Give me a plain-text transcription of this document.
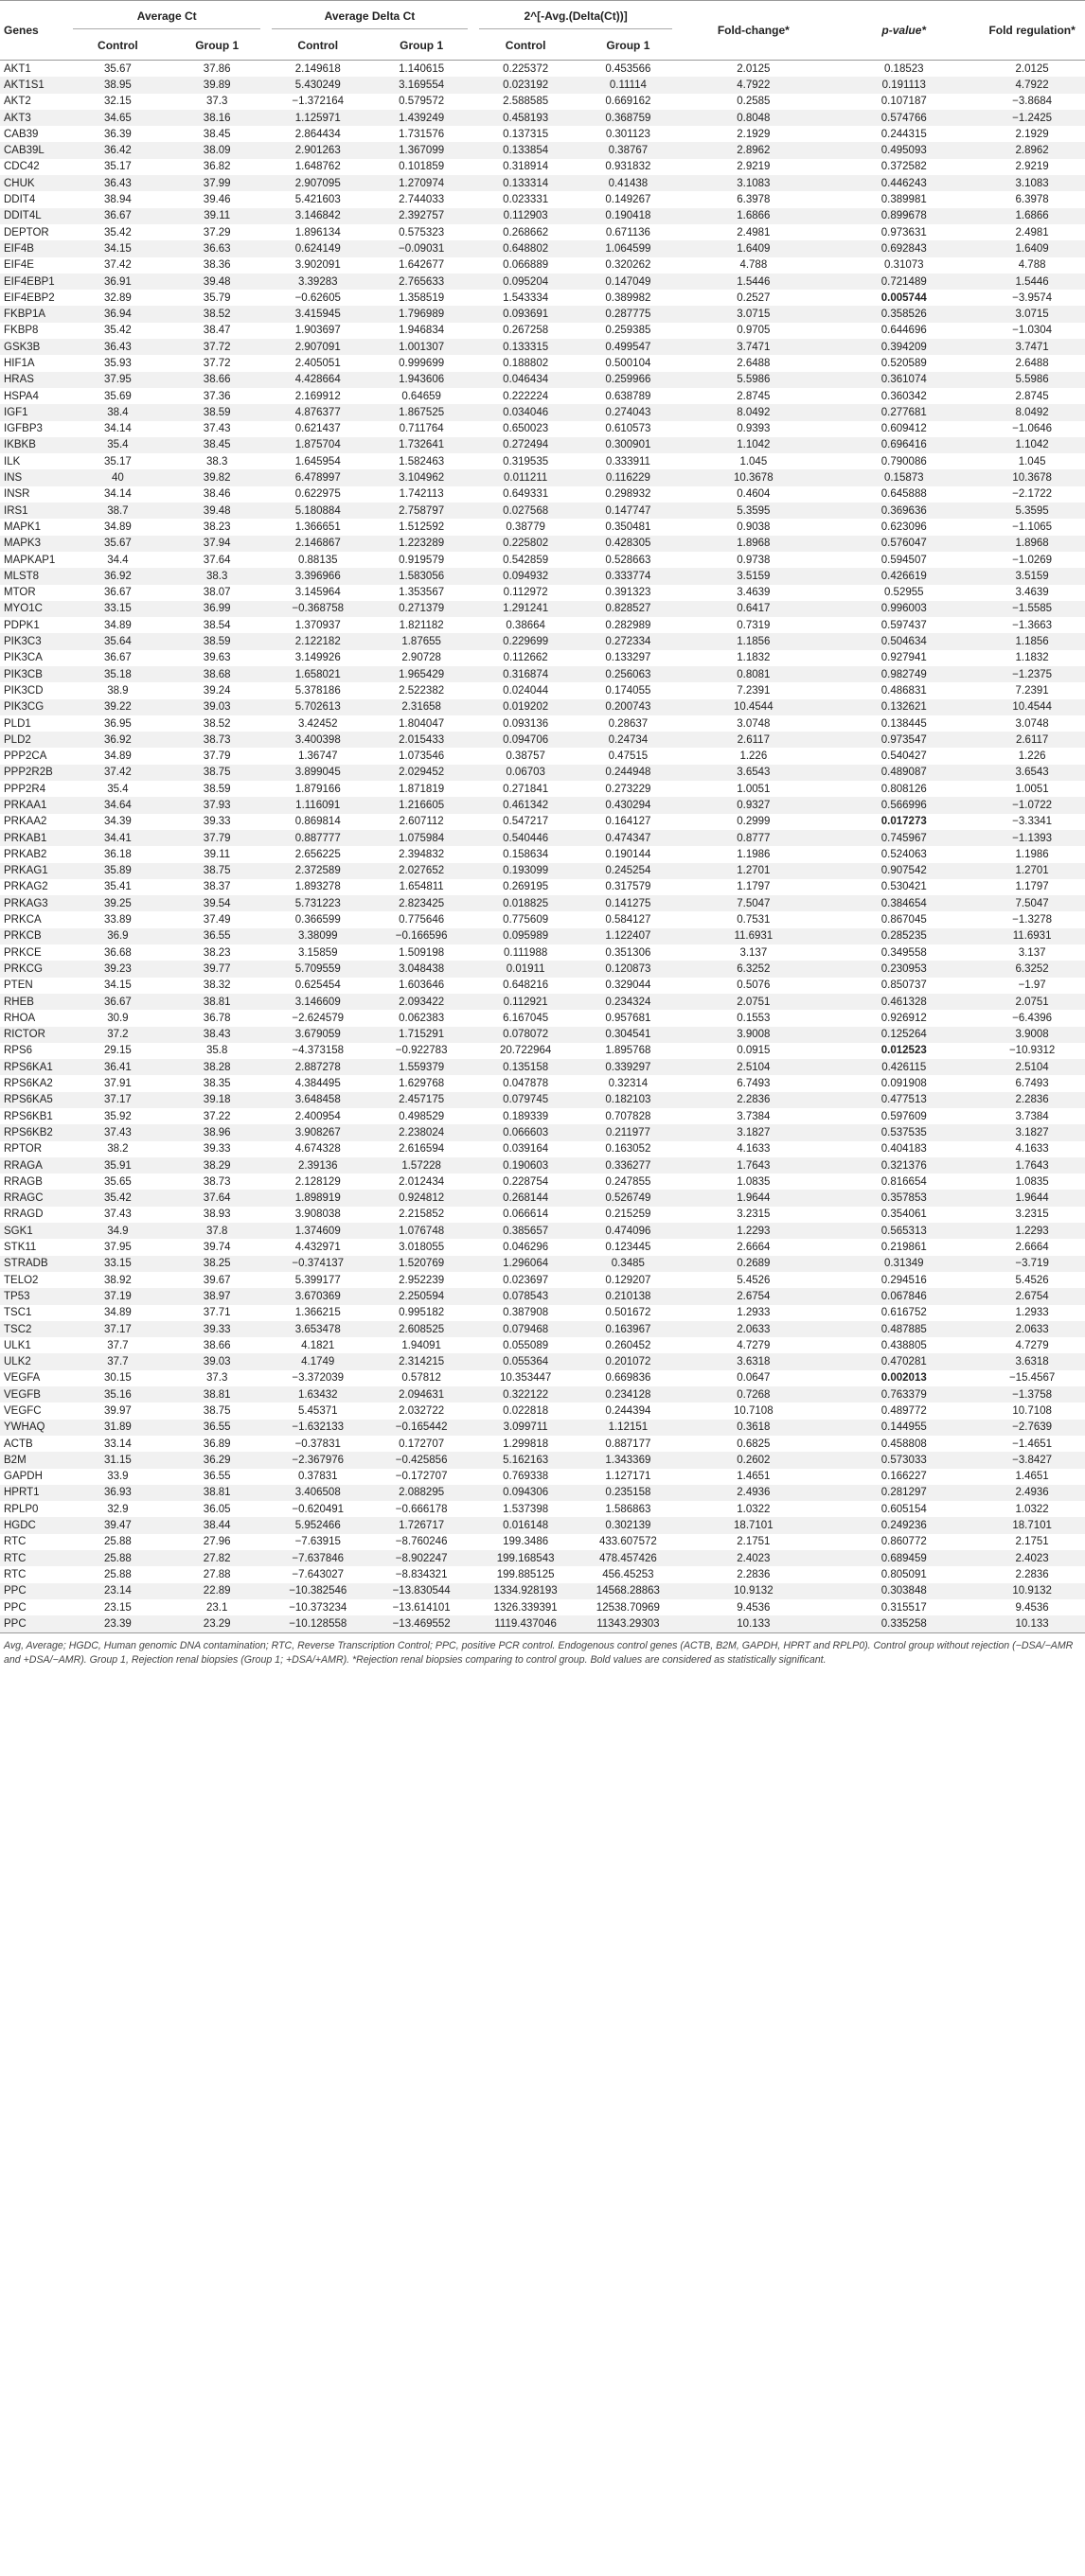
Genes	Average Ct		Average Delta Ct		2^[-Avg.(Delta(Ct))]		Fold-change*	p-value*	Fold regulation*
	Control	Group 1	Control	Group 1	Control	Group 1			
AKT1	35.67	37.86	2.149618	1.140615	0.225372	0.453566	2.0125	0.18523	2.0125
AKT1S1	38.95	39.89	5.430249	3.169554	0.023192	0.11114	4.7922	0.191113	4.7922
AKT2	32.15	37.3	−1.372164	0.579572	2.588585	0.669162	0.2585	0.107187	−3.8684
AKT3	34.65	38.16	1.125971	1.439249	0.458193	0.368759	0.8048	0.574766	−1.2425
CAB39	36.39	38.45	2.864434	1.731576	0.137315	0.301123	2.1929	0.244315	2.1929
CAB39L	36.42	38.09	2.901263	1.367099	0.133854	0.38767	2.8962	0.495093	2.8962
CDC42	35.17	36.82	1.648762	0.101859	0.318914	0.931832	2.9219	0.372582	2.9219
CHUK	36.43	37.99	2.907095	1.270974	0.133314	0.41438	3.1083	0.446243	3.1083
DDIT4	38.94	39.46	5.421603	2.744033	0.023331	0.149267	6.3978	0.389981	6.3978
DDIT4L	36.67	39.11	3.146842	2.392757	0.112903	0.190418	1.6866	0.899678	1.6866
DEPTOR	35.42	37.29	1.896134	0.575323	0.268662	0.671136	2.4981	0.973631	2.4981
EIF4B	34.15	36.63	0.624149	−0.09031	0.648802	1.064599	1.6409	0.692843	1.6409
EIF4E	37.42	38.36	3.902091	1.642677	0.066889	0.320262	4.788	0.31073	4.788
EIF4EBP1	36.91	39.48	3.39283	2.765633	0.095204	0.147049	1.5446	0.721489	1.5446
EIF4EBP2	32.89	35.79	−0.62605	1.358519	1.543334	0.389982	0.2527	0.005744	−3.9574
FKBP1A	36.94	38.52	3.415945	1.796989	0.093691	0.287775	3.0715	0.358526	3.0715
FKBP8	35.42	38.47	1.903697	1.946834	0.267258	0.259385	0.9705	0.644696	−1.0304
GSK3B	36.43	37.72	2.907091	1.001307	0.133315	0.499547	3.7471	0.394209	3.7471
HIF1A	35.93	37.72	2.405051	0.999699	0.188802	0.500104	2.6488	0.520589	2.6488
HRAS	37.95	38.66	4.428664	1.943606	0.046434	0.259966	5.5986	0.361074	5.5986
HSPA4	35.69	37.36	2.169912	0.64659	0.222224	0.638789	2.8745	0.360342	2.8745
IGF1	38.4	38.59	4.876377	1.867525	0.034046	0.274043	8.0492	0.277681	8.0492
IGFBP3	34.14	37.43	0.621437	0.711764	0.650023	0.610573	0.9393	0.609412	−1.0646
IKBKB	35.4	38.45	1.875704	1.732641	0.272494	0.300901	1.1042	0.696416	1.1042
ILK	35.17	38.3	1.645954	1.582463	0.319535	0.333911	1.045	0.790086	1.045
INS	40	39.82	6.478997	3.104962	0.011211	0.116229	10.3678	0.15873	10.3678
INSR	34.14	38.46	0.622975	1.742113	0.649331	0.298932	0.4604	0.645888	−2.1722
IRS1	38.7	39.48	5.180884	2.758797	0.027568	0.147747	5.3595	0.369636	5.3595
MAPK1	34.89	38.23	1.366651	1.512592	0.38779	0.350481	0.9038	0.623096	−1.1065
MAPK3	35.67	37.94	2.146867	1.223289	0.225802	0.428305	1.8968	0.576047	1.8968
MAPKAP1	34.4	37.64	0.88135	0.919579	0.542859	0.528663	0.9738	0.594507	−1.0269
MLST8	36.92	38.3	3.396966	1.583056	0.094932	0.333774	3.5159	0.426619	3.5159
MTOR	36.67	38.07	3.145964	1.353567	0.112972	0.391323	3.4639	0.52955	3.4639
MYO1C	33.15	36.99	−0.368758	0.271379	1.291241	0.828527	0.6417	0.996003	−1.5585
PDPK1	34.89	38.54	1.370937	1.821182	0.38664	0.282989	0.7319	0.597437	−1.3663
PIK3C3	35.64	38.59	2.122182	1.87655	0.229699	0.272334	1.1856	0.504634	1.1856
PIK3CA	36.67	39.63	3.149926	2.90728	0.112662	0.133297	1.1832	0.927941	1.1832
PIK3CB	35.18	38.68	1.658021	1.965429	0.316874	0.256063	0.8081	0.982749	−1.2375
PIK3CD	38.9	39.24	5.378186	2.522382	0.024044	0.174055	7.2391	0.486831	7.2391
PIK3CG	39.22	39.03	5.702613	2.31658	0.019202	0.200743	10.4544	0.132621	10.4544
PLD1	36.95	38.52	3.42452	1.804047	0.093136	0.28637	3.0748	0.138445	3.0748
PLD2	36.92	38.73	3.400398	2.015433	0.094706	0.24734	2.6117	0.973547	2.6117
PPP2CA	34.89	37.79	1.36747	1.073546	0.38757	0.47515	1.226	0.540427	1.226
PPP2R2B	37.42	38.75	3.899045	2.029452	0.06703	0.244948	3.6543	0.489087	3.6543
PPP2R4	35.4	38.59	1.879166	1.871819	0.271841	0.273229	1.0051	0.808126	1.0051
PRKAA1	34.64	37.93	1.116091	1.216605	0.461342	0.430294	0.9327	0.566996	−1.0722
PRKAA2	34.39	39.33	0.869814	2.607112	0.547217	0.164127	0.2999	0.017273	−3.3341
PRKAB1	34.41	37.79	0.887777	1.075984	0.540446	0.474347	0.8777	0.745967	−1.1393
PRKAB2	36.18	39.11	2.656225	2.394832	0.158634	0.190144	1.1986	0.524063	1.1986
PRKAG1	35.89	38.75	2.372589	2.027652	0.193099	0.245254	1.2701	0.907542	1.2701
PRKAG2	35.41	38.37	1.893278	1.654811	0.269195	0.317579	1.1797	0.530421	1.1797
PRKAG3	39.25	39.54	5.731223	2.823425	0.018825	0.141275	7.5047	0.384654	7.5047
PRKCA	33.89	37.49	0.366599	0.775646	0.775609	0.584127	0.7531	0.867045	−1.3278
PRKCB	36.9	36.55	3.38099	−0.166596	0.095989	1.122407	11.6931	0.285235	11.6931
PRKCE	36.68	38.23	3.15859	1.509198	0.111988	0.351306	3.137	0.349558	3.137
PRKCG	39.23	39.77	5.709559	3.048438	0.01911	0.120873	6.3252	0.230953	6.3252
PTEN	34.15	38.32	0.625454	1.603646	0.648216	0.329044	0.5076	0.850737	−1.97
RHEB	36.67	38.81	3.146609	2.093422	0.112921	0.234324	2.0751	0.461328	2.0751
RHOA	30.9	36.78	−2.624579	0.062383	6.167045	0.957681	0.1553	0.926912	−6.4396
RICTOR	37.2	38.43	3.679059	1.715291	0.078072	0.304541	3.9008	0.125264	3.9008
RPS6	29.15	35.8	−4.373158	−0.922783	20.722964	1.895768	0.0915	0.012523	−10.9312
RPS6KA1	36.41	38.28	2.887278	1.559379	0.135158	0.339297	2.5104	0.426115	2.5104
RPS6KA2	37.91	38.35	4.384495	1.629768	0.047878	0.32314	6.7493	0.091908	6.7493
RPS6KA5	37.17	39.18	3.648458	2.457175	0.079745	0.182103	2.2836	0.477513	2.2836
RPS6KB1	35.92	37.22	2.400954	0.498529	0.189339	0.707828	3.7384	0.597609	3.7384
RPS6KB2	37.43	38.96	3.908267	2.238024	0.066603	0.211977	3.1827	0.537535	3.1827
RPTOR	38.2	39.33	4.674328	2.616594	0.039164	0.163052	4.1633	0.404183	4.1633
RRAGA	35.91	38.29	2.39136	1.57228	0.190603	0.336277	1.7643	0.321376	1.7643
RRAGB	35.65	38.73	2.128129	2.012434	0.228754	0.247855	1.0835	0.816654	1.0835
RRAGC	35.42	37.64	1.898919	0.924812	0.268144	0.526749	1.9644	0.357853	1.9644
RRAGD	37.43	38.93	3.908038	2.215852	0.066614	0.215259	3.2315	0.354061	3.2315
SGK1	34.9	37.8	1.374609	1.076748	0.385657	0.474096	1.2293	0.565313	1.2293
STK11	37.95	39.74	4.432971	3.018055	0.046296	0.123445	2.6664	0.219861	2.6664
STRADB	33.15	38.25	−0.374137	1.520769	1.296064	0.3485	0.2689	0.31349	−3.719
TELO2	38.92	39.67	5.399177	2.952239	0.023697	0.129207	5.4526	0.294516	5.4526
TP53	37.19	38.97	3.670369	2.250594	0.078543	0.210138	2.6754	0.067846	2.6754
TSC1	34.89	37.71	1.366215	0.995182	0.387908	0.501672	1.2933	0.616752	1.2933
TSC2	37.17	39.33	3.653478	2.608525	0.079468	0.163967	2.0633	0.487885	2.0633
ULK1	37.7	38.66	4.1821	1.94091	0.055089	0.260452	4.7279	0.438805	4.7279
ULK2	37.7	39.03	4.1749	2.314215	0.055364	0.201072	3.6318	0.470281	3.6318
VEGFA	30.15	37.3	−3.372039	0.57812	10.353447	0.669836	0.0647	0.002013	−15.4567
VEGFB	35.16	38.81	1.63432	2.094631	0.322122	0.234128	0.7268	0.763379	−1.3758
VEGFC	39.97	38.75	5.45371	2.032722	0.022818	0.244394	10.7108	0.489772	10.7108
YWHAQ	31.89	36.55	−1.632133	−0.165442	3.099711	1.12151	0.3618	0.144955	−2.7639
ACTB	33.14	36.89	−0.37831	0.172707	1.299818	0.887177	0.6825	0.458808	−1.4651
B2M	31.15	36.29	−2.367976	−0.425856	5.162163	1.343369	0.2602	0.573033	−3.8427
GAPDH	33.9	36.55	0.37831	−0.172707	0.769338	1.127171	1.4651	0.166227	1.4651
HPRT1	36.93	38.81	3.406508	2.088295	0.094306	0.235158	2.4936	0.281297	2.4936
RPLP0	32.9	36.05	−0.620491	−0.666178	1.537398	1.586863	1.0322	0.605154	1.0322
HGDC	39.47	38.44	5.952466	1.726717	0.016148	0.302139	18.7101	0.249236	18.7101
RTC	25.88	27.96	−7.63915	−8.760246	199.3486	433.607572	2.1751	0.860772	2.1751
RTC	25.88	27.82	−7.637846	−8.902247	199.168543	478.457426	2.4023	0.689459	2.4023
RTC	25.88	27.88	−7.643027	−8.834321	199.885125	456.45253	2.2836	0.805091	2.2836
PPC	23.14	22.89	−10.382546	−13.830544	1334.928193	14568.28863	10.9132	0.303848	10.9132
PPC	23.15	23.1	−10.373234	−13.614101	1326.339391	12538.70969	9.4536	0.315517	9.4536
PPC	23.39	23.29	−10.128558	−13.469552	1119.437046	11343.29303	10.133	0.335258	10.133
Avg, Average; HGDC, Human genomic DNA contamination; RTC, Reverse Transcription Control; PPC, positive PCR control. Endogenous control genes (ACTB, B2M, GAPDH, HPRT and RPLP0). Control group without rejection (−DSA/−AMR and +DSA/−AMR). Group 1, Rejection renal biopsies (Group 1; +DSA/+AMR). *Rejection renal biopsies comparing to control group. Bold values are considered as statistically significant.
